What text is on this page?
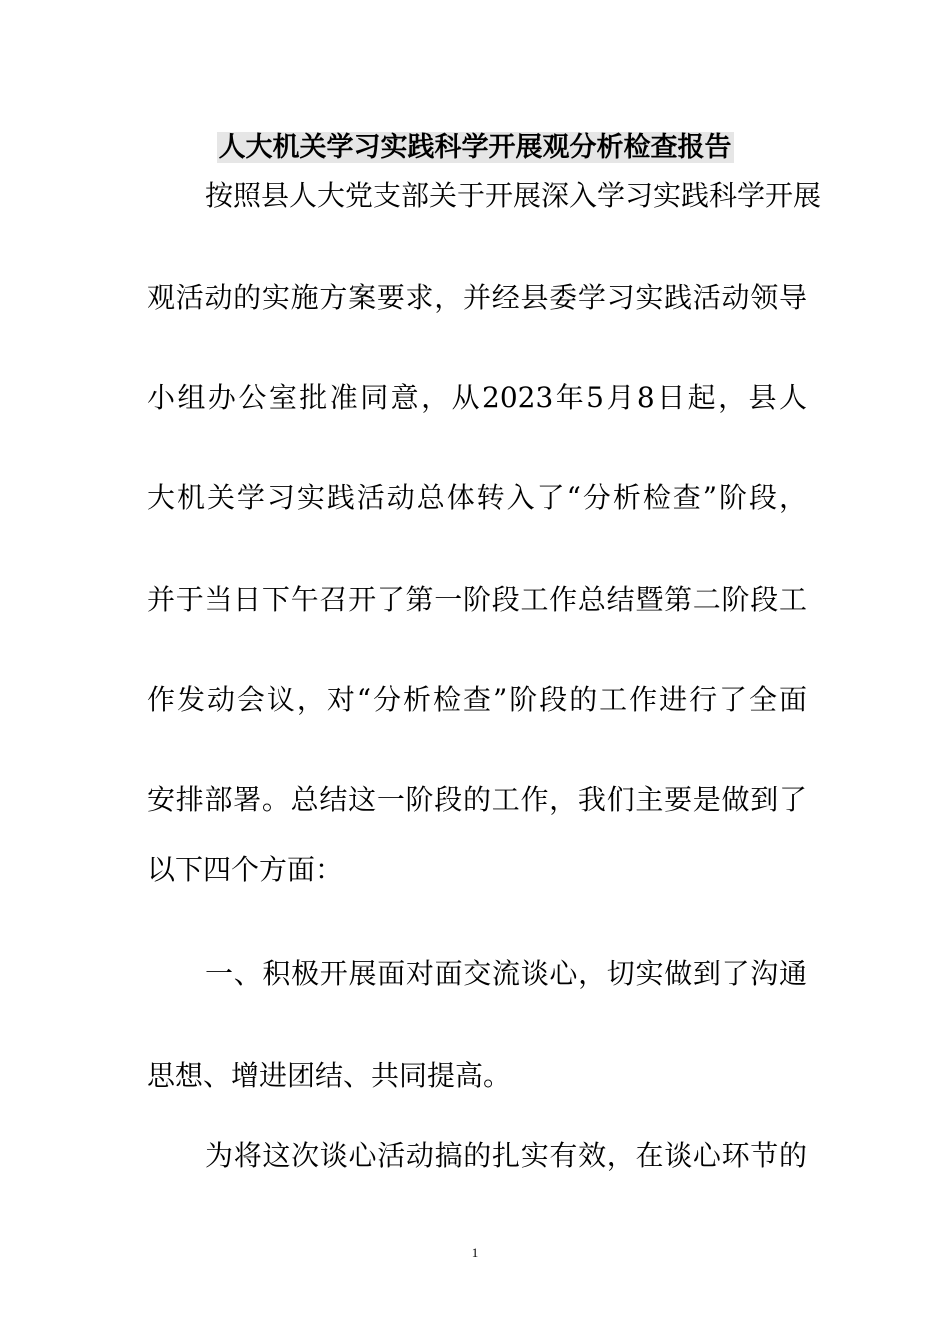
人大机关学习实践科学开展观分析检查报告

按照县人大党支部关于开展深入学习实践科学开展

观活动的实施方案要求，并经县委学习实践活动领导

小组办公室批准同意，从2023年5月8日起，县人

大机关学习实践活动总体转入了“分析检查”阶段，

并于当日下午召开了第一阶段工作总结暨第二阶段工

作发动会议，对“分析检查”阶段的工作进行了全面

安排部署。总结这一阶段的工作，我们主要是做到了

以下四个方面：

一、积极开展面对面交流谈心，切实做到了沟通

思想、增进团结、共同提高。

为将这次谈心活动搞的扎实有效，在谈心环节的

1
